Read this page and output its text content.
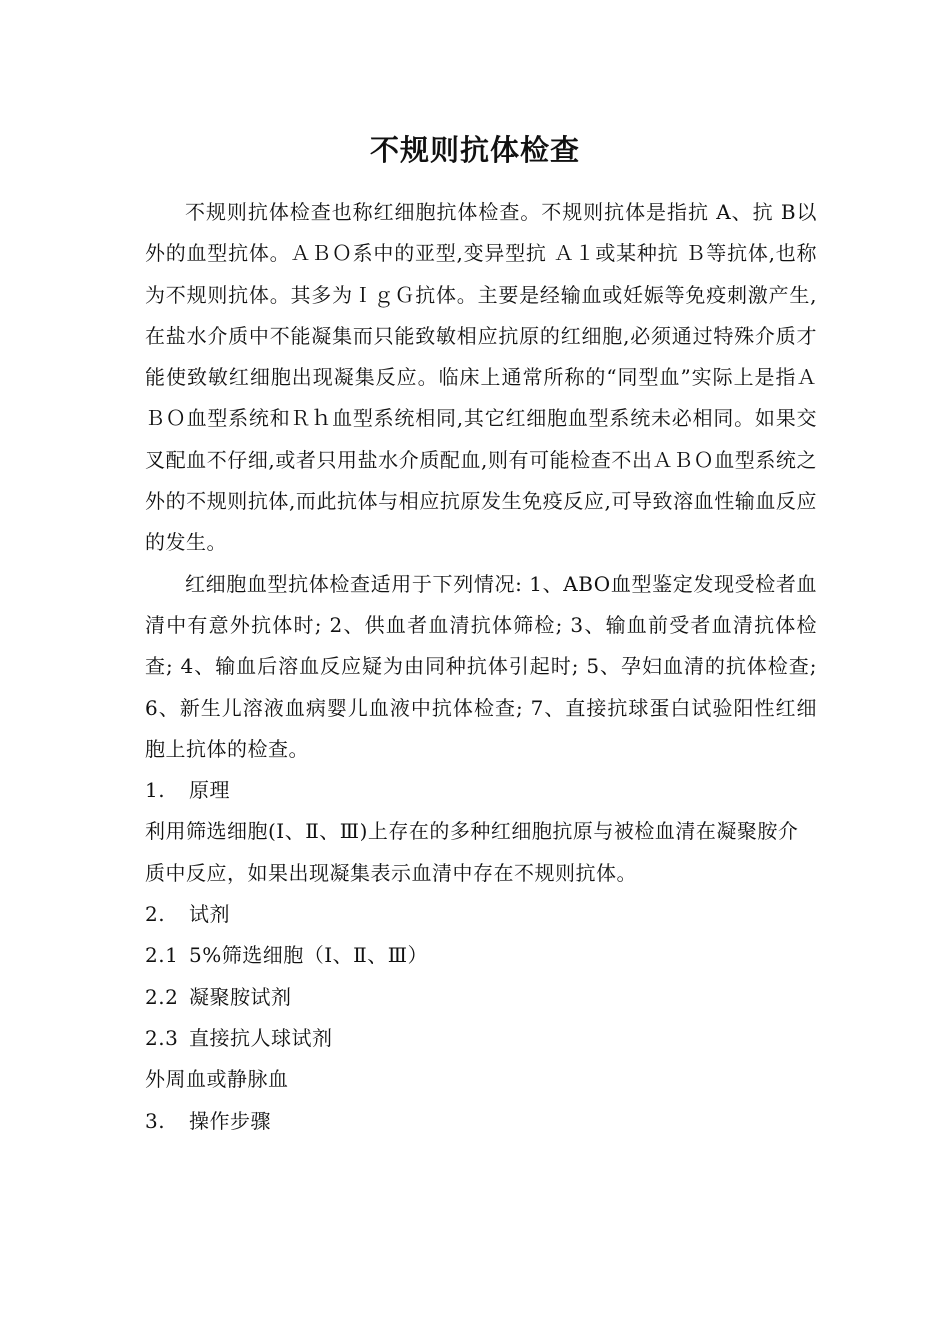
不规则抗体检查

不规则抗体检查也称红细胞抗体检查。不规则抗体是指抗 A、抗 B以外的血型抗体。ＡＢＯ系中的亚型,变异型抗 Ａ１或某种抗 Ｂ等抗体,也称为不规则抗体。其多为ＩｇＧ抗体。主要是经输血或妊娠等免疫刺激产生,在盐水介质中不能凝集而只能致敏相应抗原的红细胞,必须通过特殊介质才能使致敏红细胞出现凝集反应。临床上通常所称的“同型血”实际上是指ＡＢＯ血型系统和Ｒｈ血型系统相同,其它红细胞血型系统未必相同。如果交叉配血不仔细,或者只用盐水介质配血,则有可能检查不出ＡＢＯ血型系统之外的不规则抗体,而此抗体与相应抗原发生免疫反应,可导致溶血性输血反应的发生。

红细胞血型抗体检查适用于下列情况: 1、ABO血型鉴定发现受检者血清中有意外抗体时; 2、供血者血清抗体筛检; 3、输血前受者血清抗体检查; 4、输血后溶血反应疑为由同种抗体引起时; 5、孕妇血清的抗体检查; 6、新生儿溶液血病婴儿血液中抗体检查; 7、直接抗球蛋白试验阳性红细胞上抗体的检查。

1. 原理

利用筛选细胞(Ⅰ、Ⅱ、Ⅲ)上存在的多种红细胞抗原与被检血清在凝聚胺介质中反应，如果出现凝集表示血清中存在不规则抗体。

2. 试剂

2.1 5%筛选细胞（Ⅰ、Ⅱ、Ⅲ）

2.2 凝聚胺试剂

2.3 直接抗人球试剂

外周血或静脉血

3. 操作步骤
